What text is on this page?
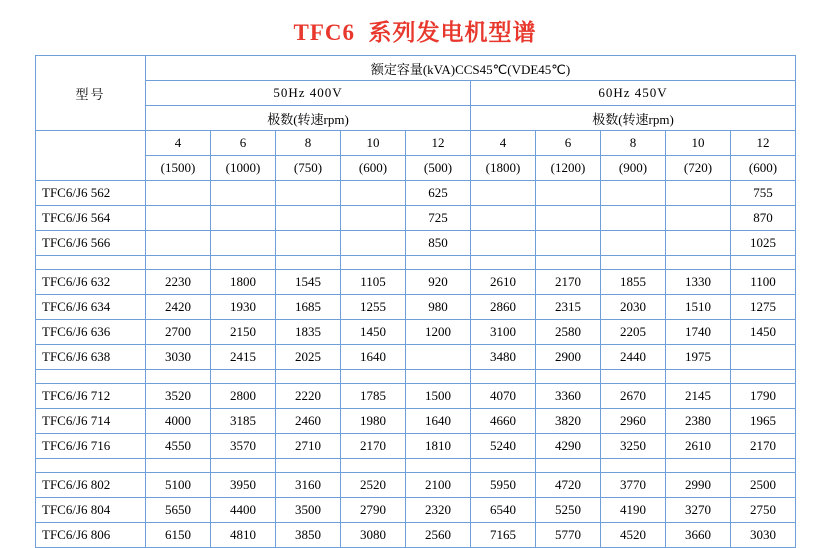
TFC6  系列发电机型谱
型号	额定容量(kVA)CCS45℃(VDE45℃)									
	50Hz 400V					60Hz 450V				
	极数(转速rpm)					极数(转速rpm)				
	4	6	8	10	12	4	6	8	10	12
	(1500)	(1000)	(750)	(600)	(500)	(1800)	(1200)	(900)	(720)	(600)
TFC6/J6 562					625					755
TFC6/J6 564					725					870
TFC6/J6 566					850					1025

TFC6/J6 632	2230	1800	1545	1105	920	2610	2170	1855	1330	1100
TFC6/J6 634	2420	1930	1685	1255	980	2860	2315	2030	1510	1275
TFC6/J6 636	2700	2150	1835	1450	1200	3100	2580	2205	1740	1450
TFC6/J6 638	3030	2415	2025	1640		3480	2900	2440	1975	

TFC6/J6 712	3520	2800	2220	1785	1500	4070	3360	2670	2145	1790
TFC6/J6 714	4000	3185	2460	1980	1640	4660	3820	2960	2380	1965
TFC6/J6 716	4550	3570	2710	2170	1810	5240	4290	3250	2610	2170

TFC6/J6 802	5100	3950	3160	2520	2100	5950	4720	3770	2990	2500
TFC6/J6 804	5650	4400	3500	2790	2320	6540	5250	4190	3270	2750
TFC6/J6 806	6150	4810	3850	3080	2560	7165	5770	4520	3660	3030
